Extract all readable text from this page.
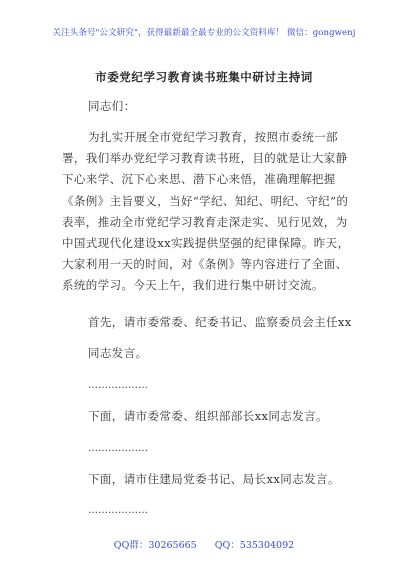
关注头条号"公文研究"，获得最新最全最专业的公文资料库！ 微信：gongwenj
市委党纪学习教育读书班集中研讨主持词
同志们：
为扎实开展全市党纪学习教育，按照市委统一部署，我们举办党纪学习教育读书班，目的就是让大家静下心来学、沉下心来思、潜下心来悟，准确理解把握《条例》主旨要义，当好“学纪、知纪、明纪、守纪”的表率，推动全市党纪学习教育走深走实、见行见效，为中国式现代化建设xx实践提供坚强的纪律保障。昨天，大家利用一天的时间，对《条例》等内容进行了全面、系统的学习。今天上午，我们进行集中研讨交流。
首先，请市委常委、纪委书记、监察委员会主任xx
同志发言。
………………
下面，请市委常委、组织部部长xx同志发言。
………………
下面，请市住建局党委书记、局长xx同志发言。
………………
QQ群：30265665 QQ：535304092
